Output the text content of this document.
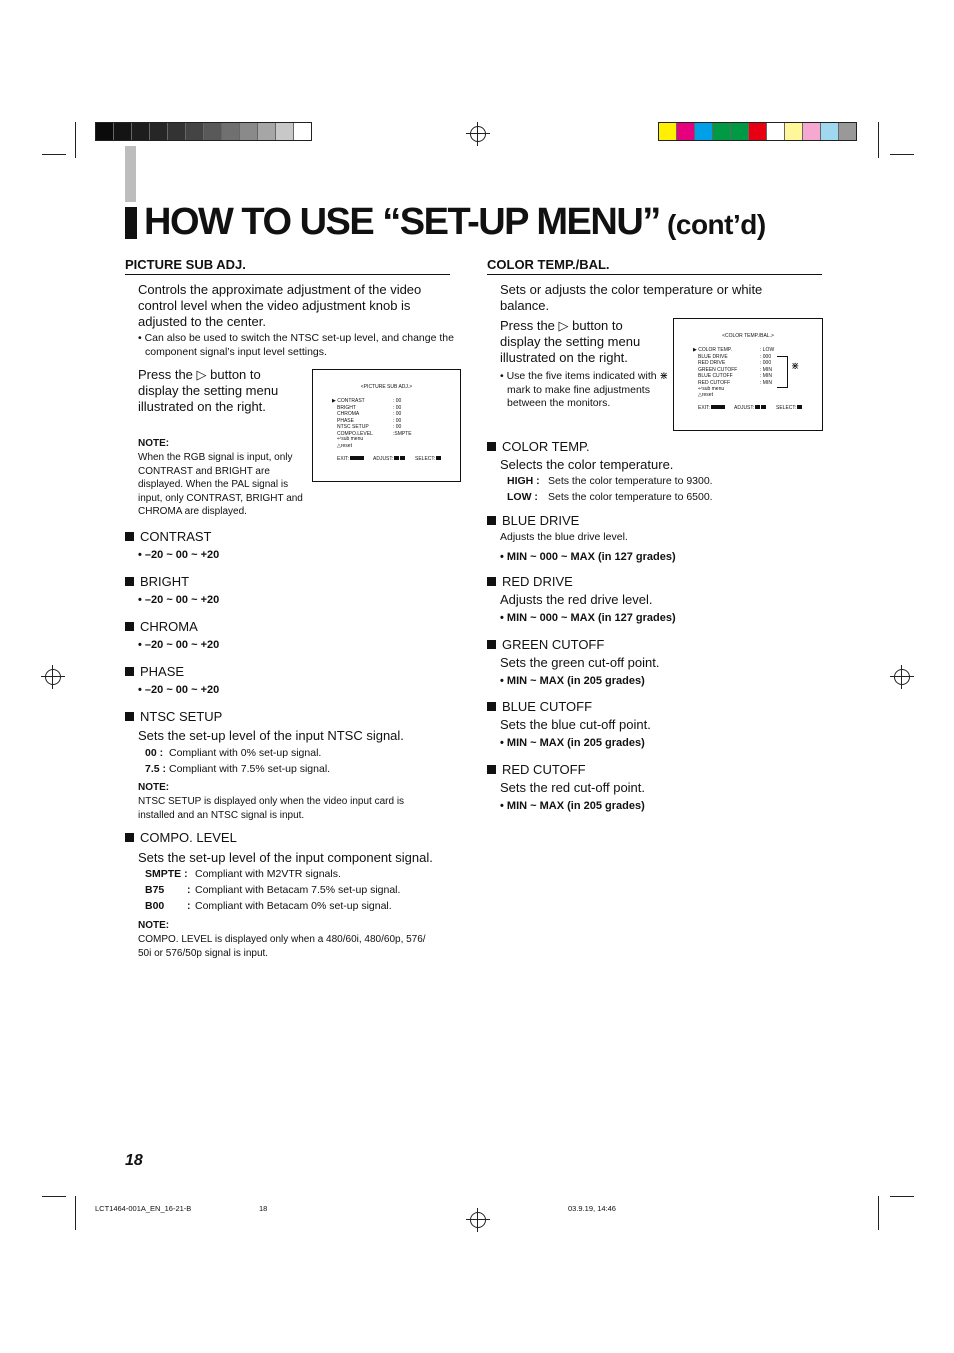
HOW TO USE “SET-UP MENU” (cont’d)
PICTURE SUB ADJ.
Controls the approximate adjustment of the video control level when the video adjustment knob is adjusted to the center.
• Can also be used to switch the NTSC set-up level, and change the component signal’s input level settings.
Press the ▷ button to display the setting menu illustrated on the right.
NOTE:
When the RGB signal is input, only CONTRAST and BRIGHT are displayed. When the PAL signal is input, only CONTRAST, BRIGHT and CHROMA are displayed.
<PICTURE SUB ADJ.>
▶ CONTRAST	: 00
BRIGHT	: 00
CHROMA	: 00
PHASE	: 00
NTSC SETUP	: 00
COMPO.LEVEL	:SMPTE
↵sub menu
△reset
EXIT:	ADJUST:	SELECT:
CONTRAST
• –20 ~ 00 ~ +20
BRIGHT
• –20 ~ 00 ~ +20
CHROMA
• –20 ~ 00 ~ +20
PHASE
• –20 ~ 00 ~ +20
NTSC SETUP
Sets the set-up level of the input NTSC signal.
00 : Compliant with 0% set-up signal.
7.5 : Compliant with 7.5% set-up signal.
NOTE:
NTSC SETUP is displayed only when the video input card is installed and an NTSC signal is input.
COMPO. LEVEL
Sets the set-up level of the input component signal.
SMPTE : Compliant with M2VTR signals.
B75 : Compliant with Betacam 7.5% set-up signal.
B00 : Compliant with Betacam 0% set-up signal.
NOTE:
COMPO. LEVEL is displayed only when a 480/60i, 480/60p, 576/ 50i or 576/50p signal is input.
COLOR TEMP./BAL.
Sets or adjusts the color temperature or white balance.
Press the ▷ button to display the setting menu illustrated on the right.
• Use the five items indicated with ⋇ mark to make fine adjustments between the monitors.
<COLOR TEMP./BAL.>
▶ COLOR TEMP.	: LOW
BLUE DRIVE	: 000
RED DRIVE	: 000
GREEN CUTOFF	: MIN
BLUE CUTOFF	: MIN
RED CUTOFF	: MIN
⋇
↵sub menu
△reset
EXIT:	ADJUST:	SELECT:
COLOR TEMP.
Selects the color temperature.
HIGH : Sets the color temperature to 9300.
LOW : Sets the color temperature to 6500.
BLUE DRIVE
Adjusts the blue drive level.
• MIN ~ 000 ~ MAX (in 127 grades)
RED DRIVE
Adjusts the red drive level.
• MIN ~ 000 ~ MAX (in 127 grades)
GREEN CUTOFF
Sets the green cut-off point.
• MIN ~ MAX (in 205 grades)
BLUE CUTOFF
Sets the blue cut-off point.
• MIN ~ MAX (in 205 grades)
RED CUTOFF
Sets the red cut-off point.
• MIN ~ MAX (in 205 grades)
18
LCT1464-001A_EN_16-21-B	18	03.9.19, 14:46
